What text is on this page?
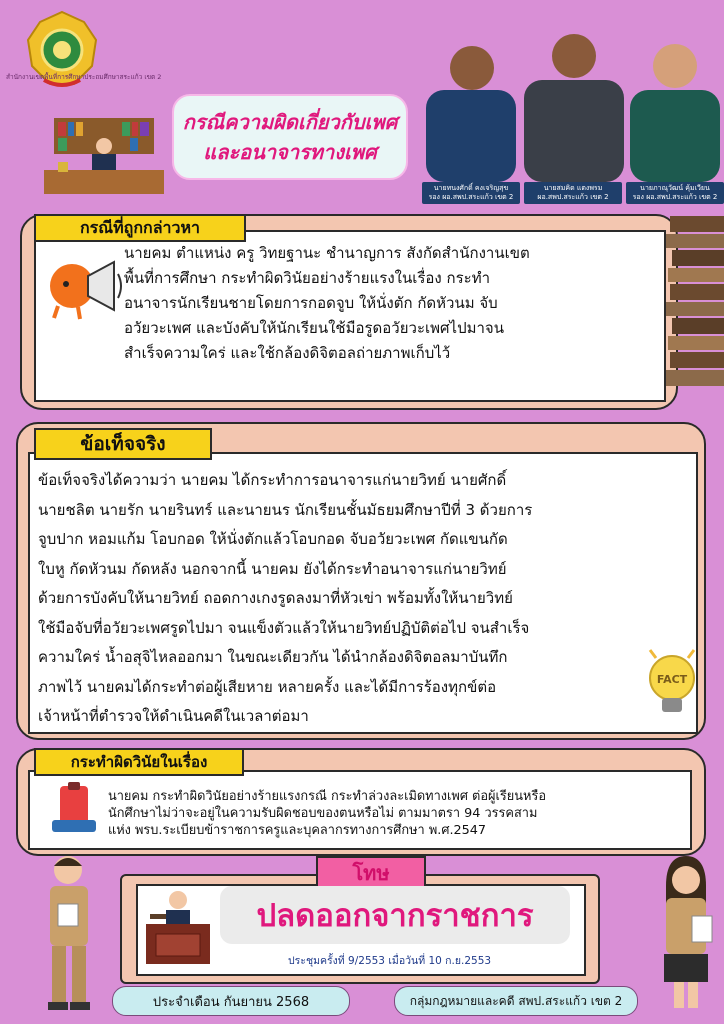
สำนักงานเขตพื้นที่การศึกษาประถมศึกษาสระแก้ว เขต 2
กรณีความผิดเกี่ยวกับเพศ
และอนาจารทางเพศ
นายทนงศักดิ์ คงเจริญสุข
รอง ผอ.สพป.สระแก้ว เขต 2
นายสมคิด แตงพรม
ผอ.สพป.สระแก้ว เขต 2
นายภาณุวัฒน์ คุ้มเวียน
รอง ผอ.สพป.สระแก้ว เขต 2
กรณีที่ถูกกล่าวหา
นายคม ตำแหน่ง ครู วิทยฐานะ ชำนาญการ สังกัดสำนักงานเขต
พื้นที่การศึกษา กระทำผิดวินัยอย่างร้ายแรงในเรื่อง กระทำ
อนาจารนักเรียนชายโดยการกอดจูบ ให้นั่งตัก กัดหัวนม จับ
อวัยวะเพศ และบังคับให้นักเรียนใช้มือรูดอวัยวะเพศไปมาจน
สำเร็จความใคร่ และใช้กล้องดิจิตอลถ่ายภาพเก็บไว้
ข้อเท็จจริง
ข้อเท็จจริงได้ความว่า นายคม ได้กระทำการอนาจารแก่นายวิทย์ นายศักดิ์
นายชลิต นายรัก นายรินทร์ และนายนร นักเรียนชั้นมัธยมศึกษาปีที่ 3 ด้วยการ
จูบปาก หอมแก้ม โอบกอด ให้นั่งตักแล้วโอบกอด จับอวัยวะเพศ กัดแขนกัด
ใบหู กัดหัวนม กัดหลัง นอกจากนี้ นายคม ยังได้กระทำอนาจารแก่นายวิทย์
ด้วยการบังคับให้นายวิทย์ ถอดกางเกงรูดลงมาที่หัวเข่า พร้อมทั้งให้นายวิทย์
ใช้มือจับที่อวัยวะเพศรูดไปมา จนแข็งตัวแล้วให้นายวิทย์ปฏิบัติต่อไป จนสำเร็จ
ความใคร่ น้ำอสุจิไหลออกมา ในขณะเดียวกัน ได้นำกล้องดิจิตอลมาบันทึก
ภาพไว้ นายคมได้กระทำต่อผู้เสียหาย หลายครั้ง และได้มีการร้องทุกข์ต่อ
เจ้าหน้าที่ตำรวจให้ดำเนินคดีในเวลาต่อมา
FACT
กระทำผิดวินัยในเรื่อง
นายคม กระทำผิดวินัยอย่างร้ายแรงกรณี กระทำล่วงละเมิดทางเพศ ต่อผู้เรียนหรือ
นักศึกษาไม่ว่าจะอยู่ในความรับผิดชอบของตนหรือไม่ ตามมาตรา 94 วรรคสาม
แห่ง พรบ.ระเบียบข้าราชการครูและบุคลากรทางการศึกษา พ.ศ.2547
โทษ
ปลดออกจากราชการ
ประชุมครั้งที่ 9/2553 เมื่อวันที่ 10 ก.ย.2553
ประจำเดือน กันยายน 2568	กลุ่มกฎหมายและคดี สพป.สระแก้ว เขต 2
